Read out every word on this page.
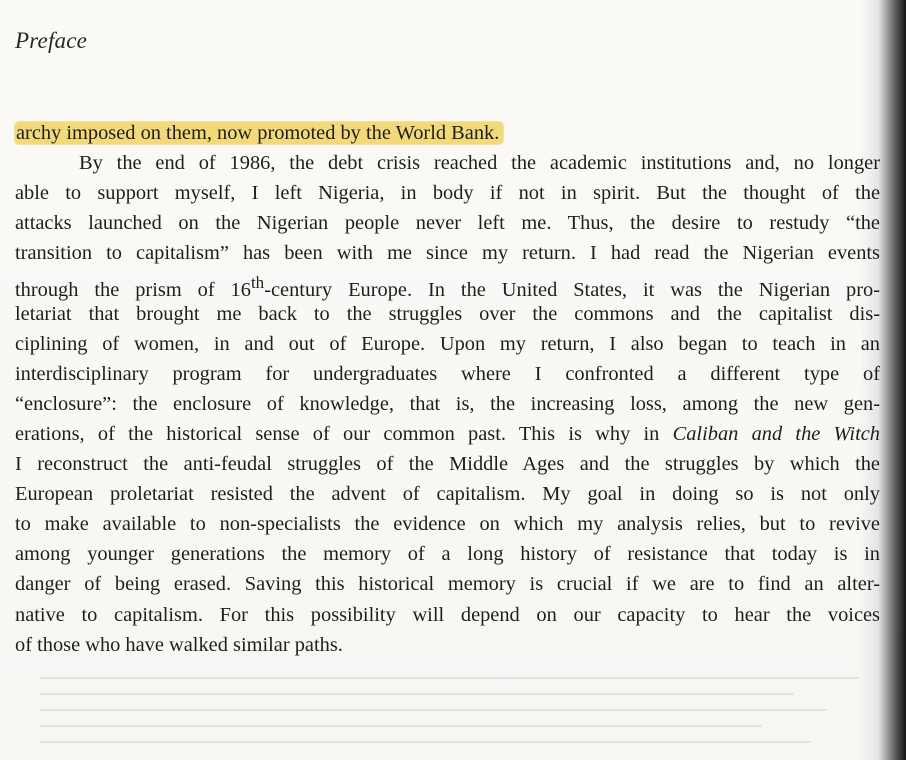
Preface
archy imposed on them, now promoted by the World Bank.
By the end of 1986, the debt crisis reached the academic institutions and, no longer
able to support myself, I left Nigeria, in body if not in spirit. But the thought of the
attacks launched on the Nigerian people never left me. Thus, the desire to restudy “the
transition to capitalism” has been with me since my return. I had read the Nigerian events
through the prism of 16th-century Europe. In the United States, it was the Nigerian pro-
letariat that brought me back to the struggles over the commons and the capitalist dis-
ciplining of women, in and out of Europe. Upon my return, I also began to teach in an
interdisciplinary program for undergraduates where I confronted a different type of
“enclosure”: the enclosure of knowledge, that is, the increasing loss, among the new gen-
erations, of the historical sense of our common past. This is why in Caliban and the Witch
I reconstruct the anti-feudal struggles of the Middle Ages and the struggles by which the
European proletariat resisted the advent of capitalism. My goal in doing so is not only
to make available to non-specialists the evidence on which my analysis relies, but to revive
among younger generations the memory of a long history of resistance that today is in
danger of being erased. Saving this historical memory is crucial if we are to find an alter-
native to capitalism. For this possibility will depend on our capacity to hear the voices
of those who have walked similar paths.
